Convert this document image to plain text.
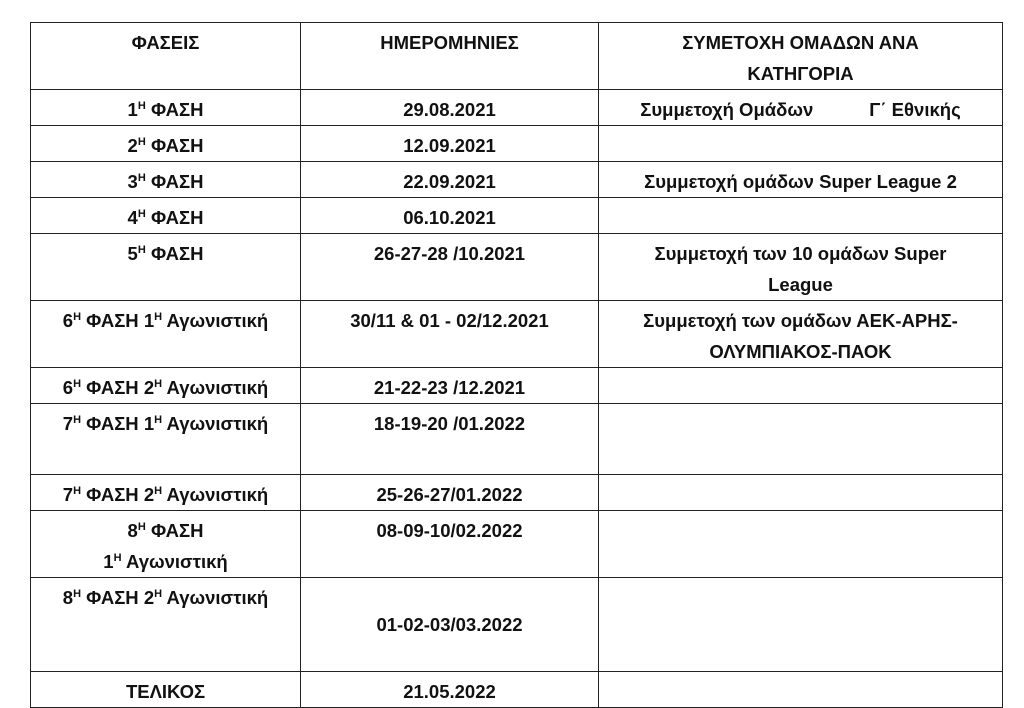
ΦΑΣΕΙΣ	ΗΜΕΡΟΜΗΝΙΕΣ	ΣΥΜΕΤΟΧΗ ΟΜΑΔΩΝ ΑΝΑ
ΚΑΤΗΓΟΡΙΑ
$1^H$ ΦΑΣΗ	29.08.2021	Συμμετοχή Ομάδων Γ΄ Εθνικής
$2^H$ ΦΑΣΗ	12.09.2021	
$3^H$ ΦΑΣΗ	22.09.2021	Συμμετοχή ομάδων Super League 2
$4^H$ ΦΑΣΗ	06.10.2021	
$5^H$ ΦΑΣΗ	26-27-28 /10.2021	Συμμετοχή των 10 ομάδων Super
League
$6^H$ ΦΑΣΗ $1^H$ Αγωνιστική	30/11 & 01 - 02/12.2021	Συμμετοχή των ομάδων ΑΕΚ-ΑΡΗΣ-
ΟΛΥΜΠΙΑΚΟΣ-ΠΑΟΚ
$6^H$ ΦΑΣΗ $2^H$ Αγωνιστική	21-22-23 /12.2021	
$7^H$ ΦΑΣΗ $1^H$ Αγωνιστική	18-19-20 /01.2022	
$7^H$ ΦΑΣΗ $2^H$ Αγωνιστική	25-26-27/01.2022	
$8^H$ ΦΑΣΗ
$1^H$ Αγωνιστική	08-09-10/02.2022	
$8^H$ ΦΑΣΗ $2^H$ Αγωνιστική	01-02-03/03.2022	
ΤΕΛΙΚΟΣ	21.05.2022	
